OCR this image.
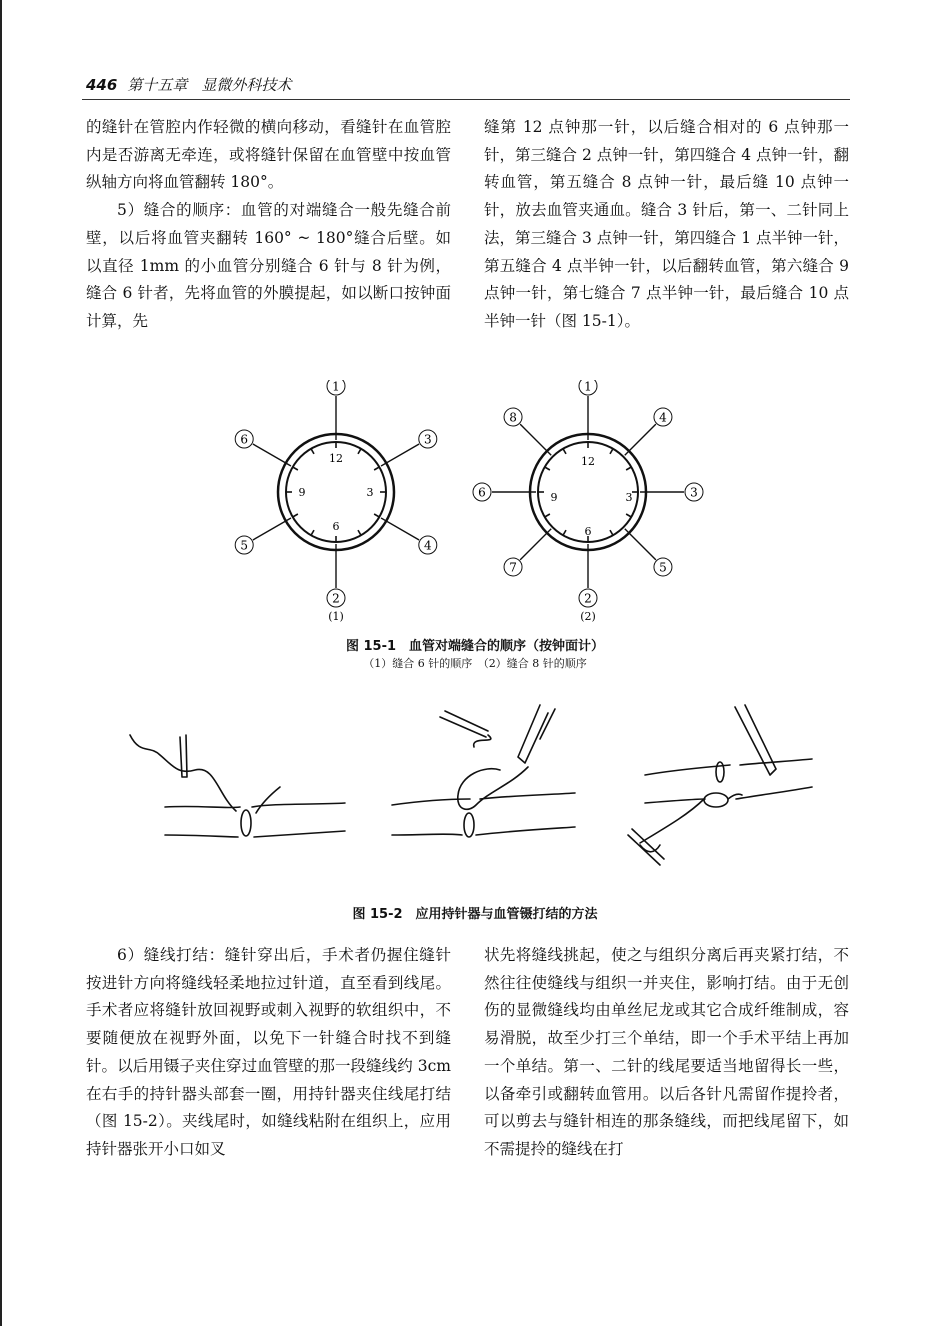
446 第十五章 显微外科技术

的缝针在管腔内作轻微的横向移动，看缝针在血管腔内是否游离无牵连，或将缝针保留在血管壁中按血管纵轴方向将血管翻转 180°。

5）缝合的顺序：血管的对端缝合一般先缝合前壁，以后将血管夹翻转 160° ~ 180°缝合后壁。如以直径 1mm 的小血管分别缝合 6 针与 8 针为例，缝合 6 针者，先将血管的外膜提起，如以断口按钟面计算，先

缝第 12 点钟那一针，以后缝合相对的 6 点钟那一针，第三缝合 2 点钟一针，第四缝合 4 点钟一针，翻转血管，第五缝合 8 点钟一针，最后缝 10 点钟一针，放去血管夹通血。缝合 3 针后，第一、二针同上法，第三缝合 3 点钟一针，第四缝合 1 点半钟一针，第五缝合 4 点半钟一针，以后翻转血管，第六缝合 9 点钟一针，第七缝合 7 点半钟一针，最后缝合 10 点半钟一针（图 15-1）。

12
3
6
9
1
2
3
4
5
6
(1)
12
3
6
9
1
2
3
4
5
6
7
8
(2)
图 15-1　血管对端缝合的顺序（按钟面计）
（1）缝合 6 针的顺序　（2）缝合 8 针的顺序
图 15-2　应用持针器与血管镊打结的方法

6）缝线打结：缝针穿出后，手术者仍握住缝针按进针方向将缝线轻柔地拉过针道，直至看到线尾。手术者应将缝针放回视野或刺入视野的软组织中，不要随便放在视野外面，以免下一针缝合时找不到缝针。以后用镊子夹住穿过血管壁的那一段缝线约 3cm 在右手的持针器头部套一圈，用持针器夹住线尾打结（图 15-2）。夹线尾时，如缝线粘附在组织上，应用持针器张开小口如叉

状先将缝线挑起，使之与组织分离后再夹紧打结，不然往往使缝线与组织一并夹住，影响打结。由于无创伤的显微缝线均由单丝尼龙或其它合成纤维制成，容易滑脱，故至少打三个单结，即一个手术平结上再加一个单结。第一、二针的线尾要适当地留得长一些，以备牵引或翻转血管用。以后各针凡需留作提拎者，可以剪去与缝针相连的那条缝线，而把线尾留下，如不需提拎的缝线在打
